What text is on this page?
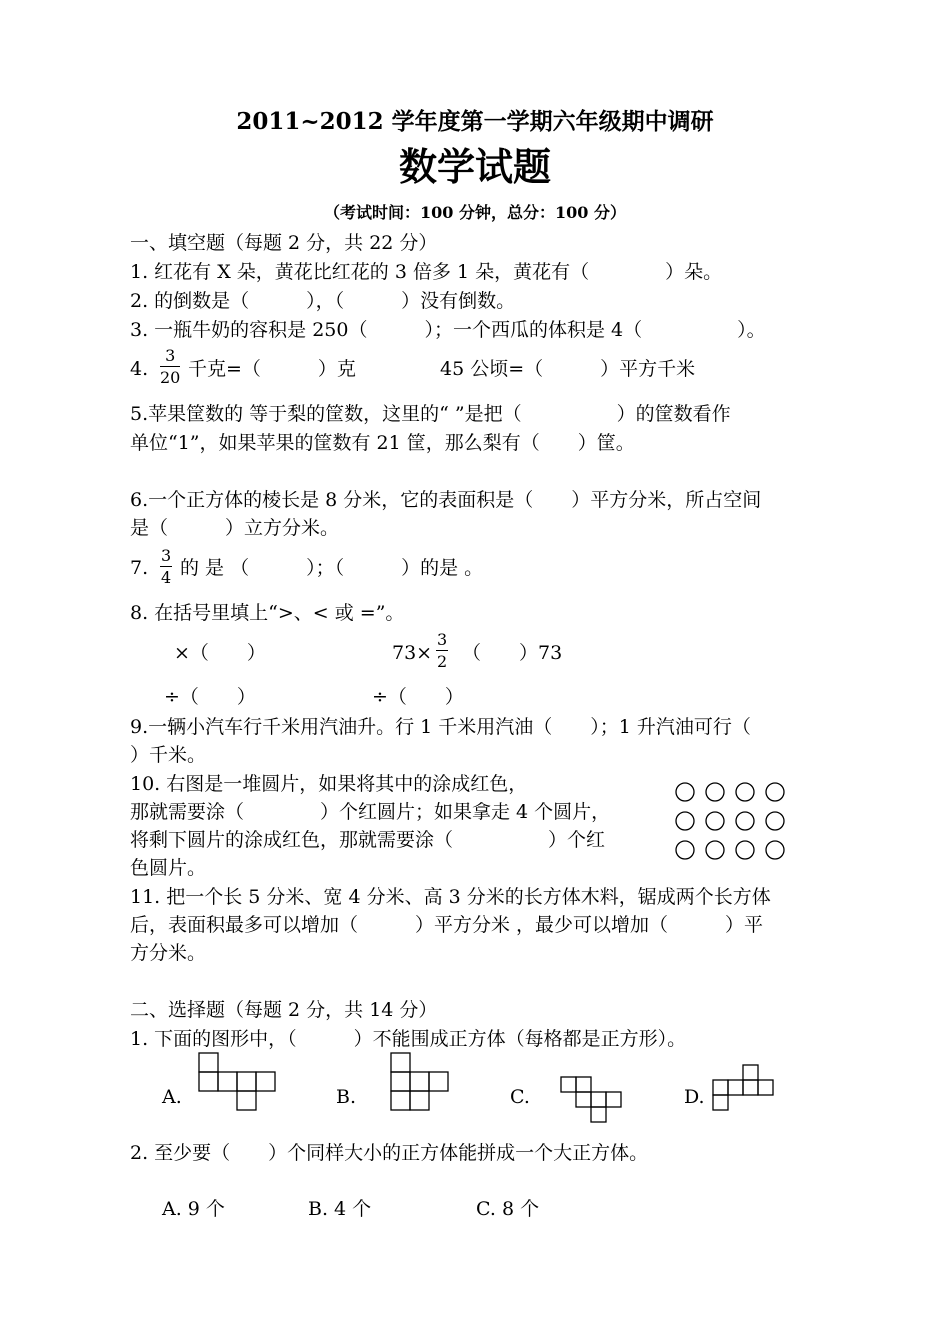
2011~2012 学年度第一学期六年级期中调研
数学试题
（考试时间：100 分钟，总分：100 分）
一、填空题（每题 2 分，共 22 分）
1. 红花有 X 朵，黄花比红花的 3 倍多 1 朵，黄花有（　　　　）朵。
2. 的倒数是（　　　），（　　　）没有倒数。
3. 一瓶牛奶的容积是 250（　　　）；一个西瓜的体积是 4（　　　　　）。
4. $\frac{3}{20}$ 千克=（　　　）克	45 公顷=（　　　）平方千米
5.苹果筐数的 等于梨的筐数，这里的“ ”是把（　　　　　）的筐数看作
单位“1”，如果苹果的筐数有 21 筐，那么梨有（　　）筐。
6.一个正方体的棱长是 8 分米，它的表面积是（　　）平方分米，所占空间
是（　　　）立方分米。
7. $\frac{3}{4}$ 的 是 （　　　）；（　　　）的是 。
8. 在括号里填上“>、< 或 =”。
×（　　）	$73\times \frac{3}{2}$ （　　）73
÷（　　）	÷（　　）
9.一辆小汽车行千米用汽油升。行 1 千米用汽油（　　）；1 升汽油可行（
）千米。
10. 右图是一堆圆片，如果将其中的涂成红色，
那就需要涂（　　　　）个红圆片；如果拿走 4 个圆片，
将剩下圆片的涂成红色，那就需要涂（　　　　　）个红
色圆片。
11. 把一个长 5 分米、宽 4 分米、高 3 分米的长方体木料，锯成两个长方体
后，表面积最多可以增加（　　　）平方分米 ，最少可以增加（　　　）平
方分米。
二、选择题（每题 2 分，共 14 分）
1. 下面的图形中，（　　　）不能围成正方体（每格都是正方形）。
A.	B.	C.	D.
2. 至少要（　　）个同样大小的正方体能拼成一个大正方体。
A. 9 个	B. 4 个	C. 8 个
